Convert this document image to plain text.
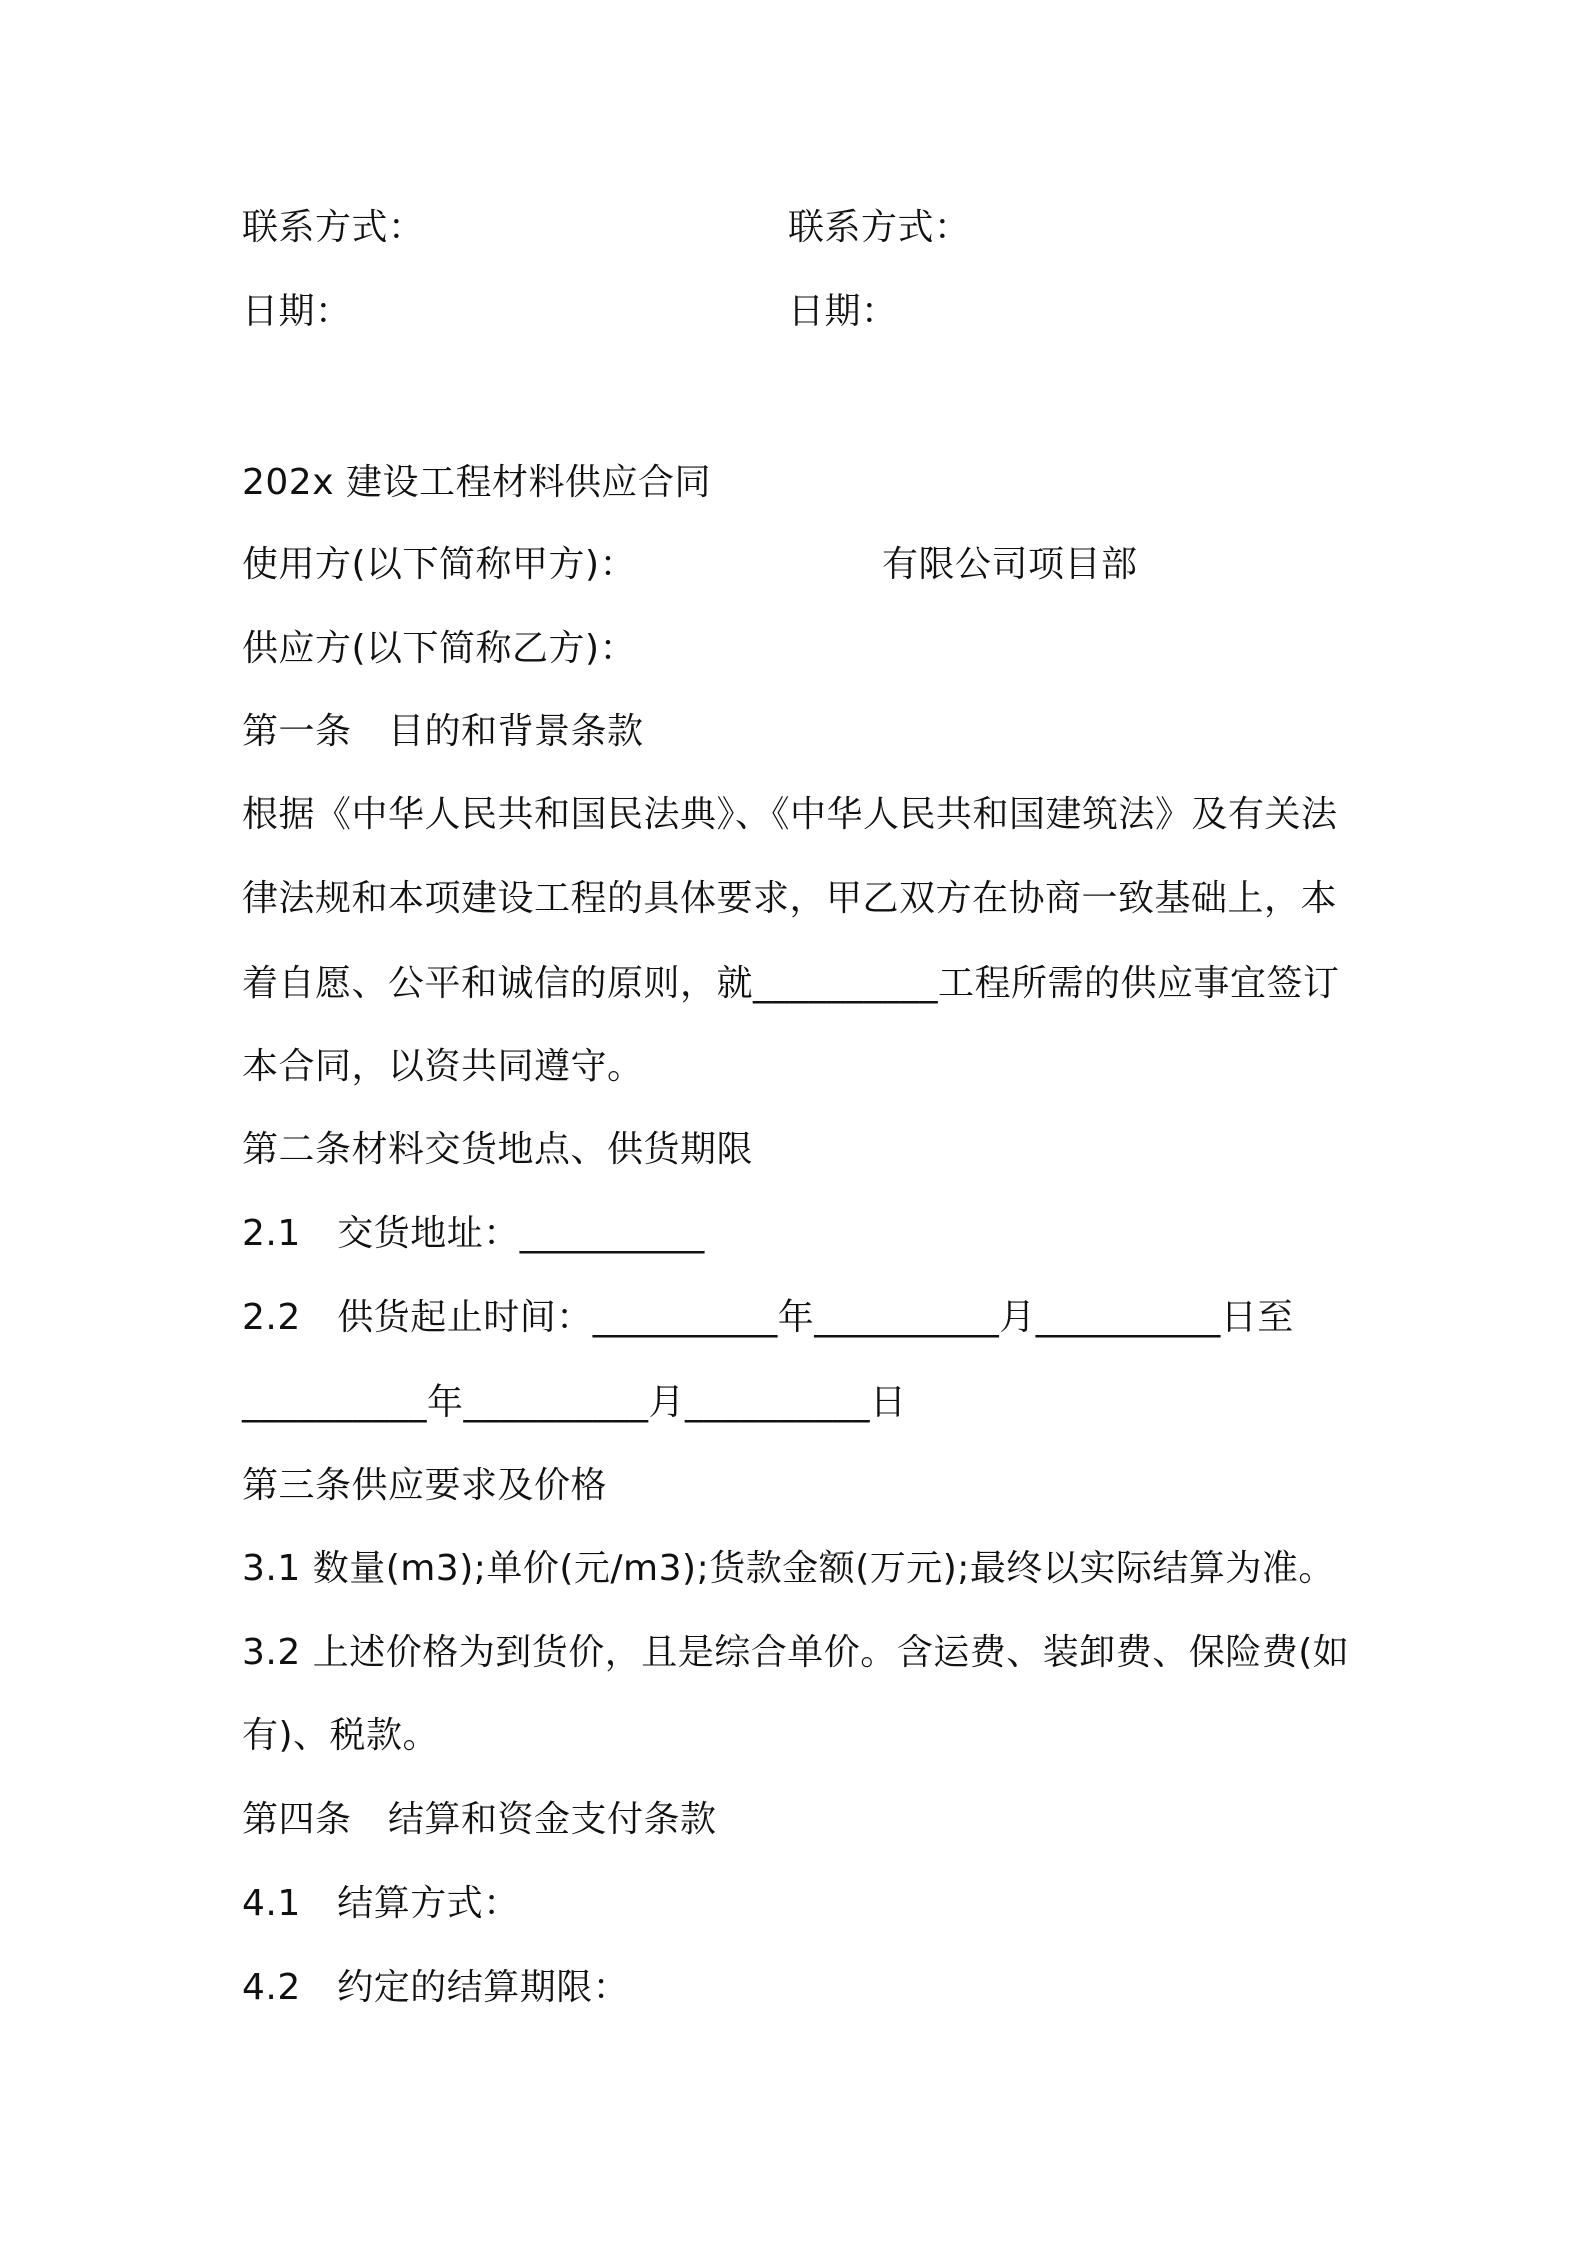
联系方式：	联系方式：
日期：	日期：
202x 建设工程材料供应合同
使用方(以下简称甲方)：	有限公司项目部
供应方(以下简称乙方)：
第一条　目的和背景条款
根据《中华人民共和国民法典》、《中华人民共和国建筑法》及有关法
律法规和本项建设工程的具体要求，甲乙双方在协商一致基础上，本
着自愿、公平和诚信的原则，就__________工程所需的供应事宜签订
本合同，以资共同遵守。
第二条材料交货地点、供货期限
2.1　交货地址：__________
2.2　供货起止时间：__________年__________月__________日至
__________年__________月__________日
第三条供应要求及价格
3.1 数量(m3);单价(元/m3);货款金额(万元);最终以实际结算为准。
3.2 上述价格为到货价，且是综合单价。含运费、装卸费、保险费(如
有)、税款。
第四条　结算和资金支付条款
4.1　结算方式：
4.2　约定的结算期限：
